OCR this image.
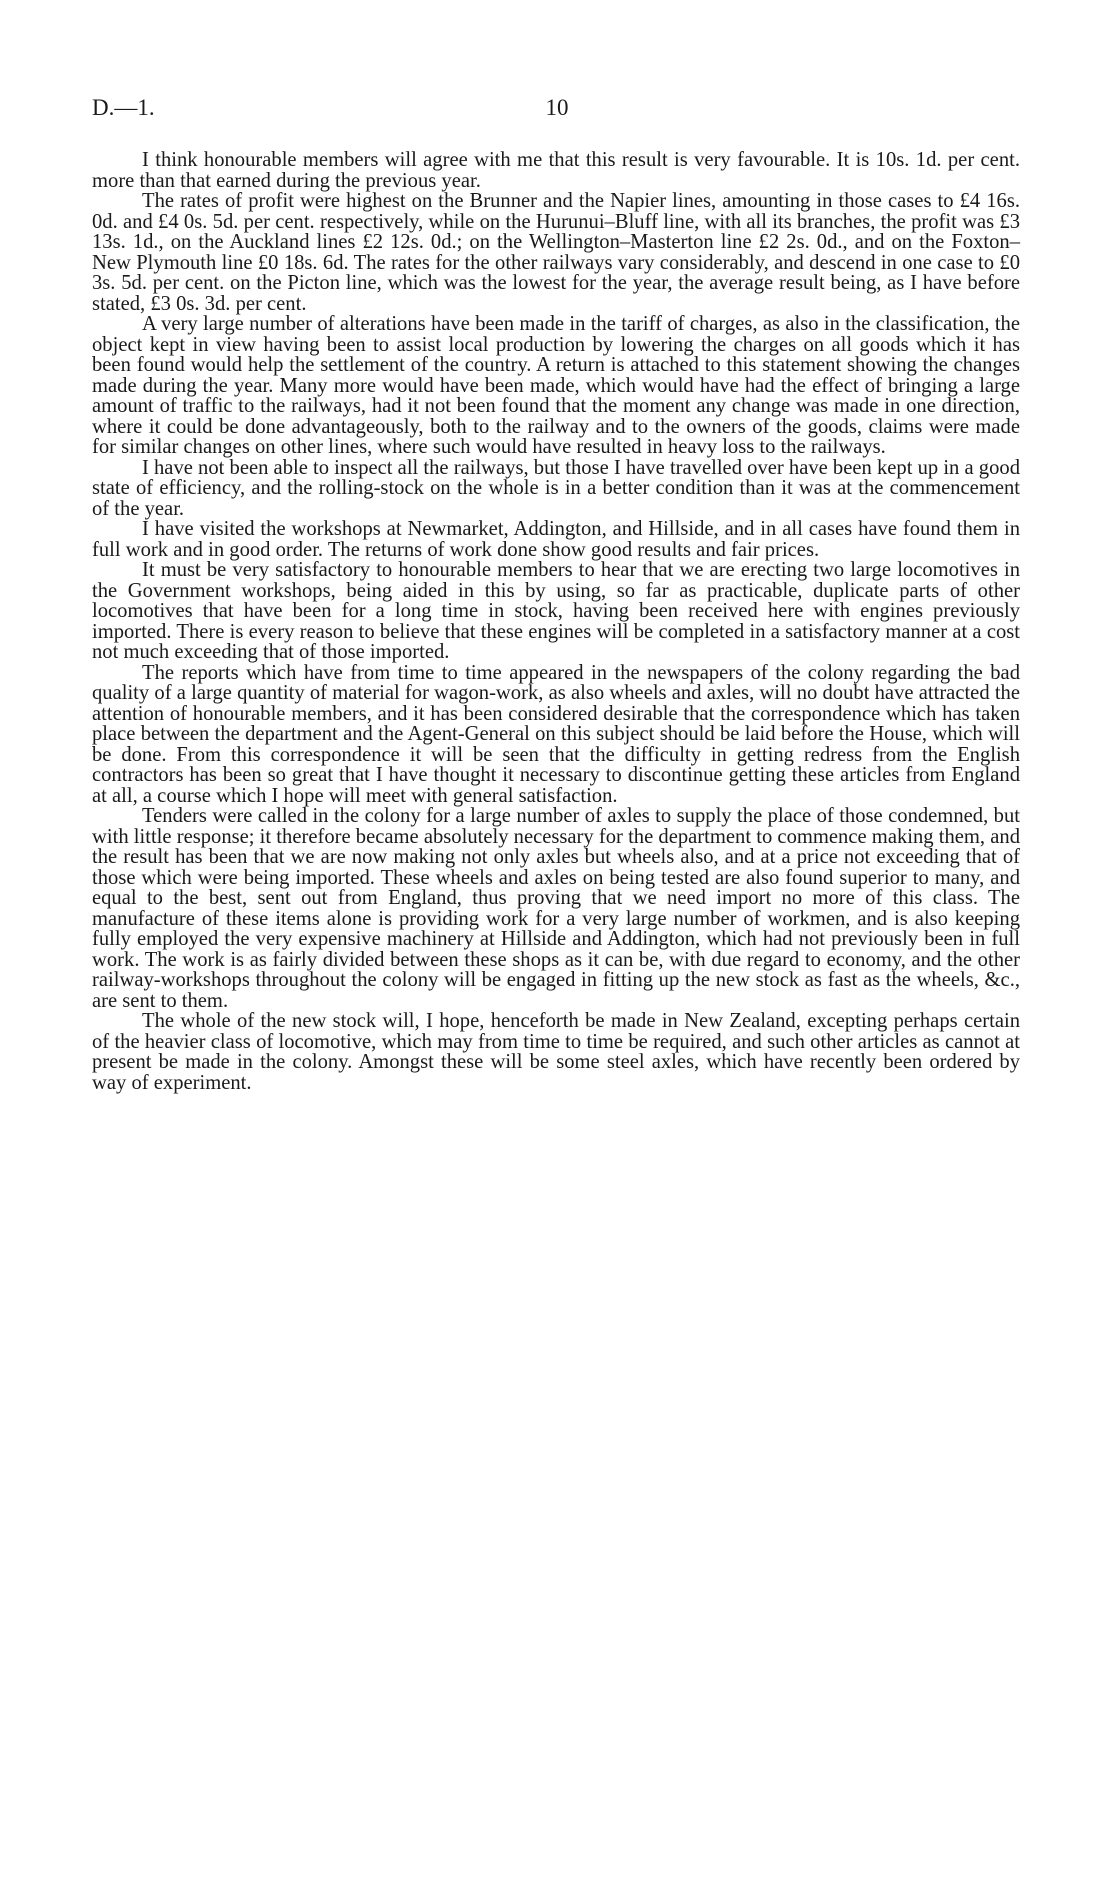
D.—1.	10

I think honourable members will agree with me that this result is very favourable. It is 10s. 1d. per cent. more than that earned during the previous year.

The rates of profit were highest on the Brunner and the Napier lines, amounting in those cases to £4 16s. 0d. and £4 0s. 5d. per cent. respectively, while on the Hurunui–Bluff line, with all its branches, the profit was £3 13s. 1d., on the Auckland lines £2 12s. 0d.; on the Wellington–Masterton line £2 2s. 0d., and on the Foxton–New Plymouth line £0 18s. 6d. The rates for the other railways vary considerably, and descend in one case to £0 3s. 5d. per cent. on the Picton line, which was the lowest for the year, the average result being, as I have before stated, £3 0s. 3d. per cent.

A very large number of alterations have been made in the tariff of charges, as also in the classification, the object kept in view having been to assist local production by lowering the charges on all goods which it has been found would help the settlement of the country. A return is attached to this statement showing the changes made during the year. Many more would have been made, which would have had the effect of bringing a large amount of traffic to the railways, had it not been found that the moment any change was made in one direction, where it could be done advantageously, both to the railway and to the owners of the goods, claims were made for similar changes on other lines, where such would have resulted in heavy loss to the railways.

I have not been able to inspect all the railways, but those I have travelled over have been kept up in a good state of efficiency, and the rolling-stock on the whole is in a better condition than it was at the commencement of the year.

I have visited the workshops at Newmarket, Addington, and Hillside, and in all cases have found them in full work and in good order. The returns of work done show good results and fair prices.

It must be very satisfactory to honourable members to hear that we are erecting two large locomotives in the Government workshops, being aided in this by using, so far as practicable, duplicate parts of other locomotives that have been for a long time in stock, having been received here with engines previously imported. There is every reason to believe that these engines will be completed in a satisfactory manner at a cost not much exceeding that of those imported.

The reports which have from time to time appeared in the newspapers of the colony regarding the bad quality of a large quantity of material for wagon-work, as also wheels and axles, will no doubt have attracted the attention of honourable members, and it has been considered desirable that the correspondence which has taken place between the department and the Agent-General on this subject should be laid before the House, which will be done. From this correspondence it will be seen that the difficulty in getting redress from the English contractors has been so great that I have thought it necessary to discontinue getting these articles from England at all, a course which I hope will meet with general satisfaction.

Tenders were called in the colony for a large number of axles to supply the place of those condemned, but with little response; it therefore became absolutely necessary for the department to commence making them, and the result has been that we are now making not only axles but wheels also, and at a price not exceeding that of those which were being imported. These wheels and axles on being tested are also found superior to many, and equal to the best, sent out from England, thus proving that we need import no more of this class. The manufacture of these items alone is providing work for a very large number of workmen, and is also keeping fully employed the very expensive machinery at Hillside and Addington, which had not previously been in full work. The work is as fairly divided between these shops as it can be, with due regard to economy, and the other railway-workshops throughout the colony will be engaged in fitting up the new stock as fast as the wheels, &c., are sent to them.

The whole of the new stock will, I hope, henceforth be made in New Zealand, excepting perhaps certain of the heavier class of locomotive, which may from time to time be required, and such other articles as cannot at present be made in the colony. Amongst these will be some steel axles, which have recently been ordered by way of experiment.
